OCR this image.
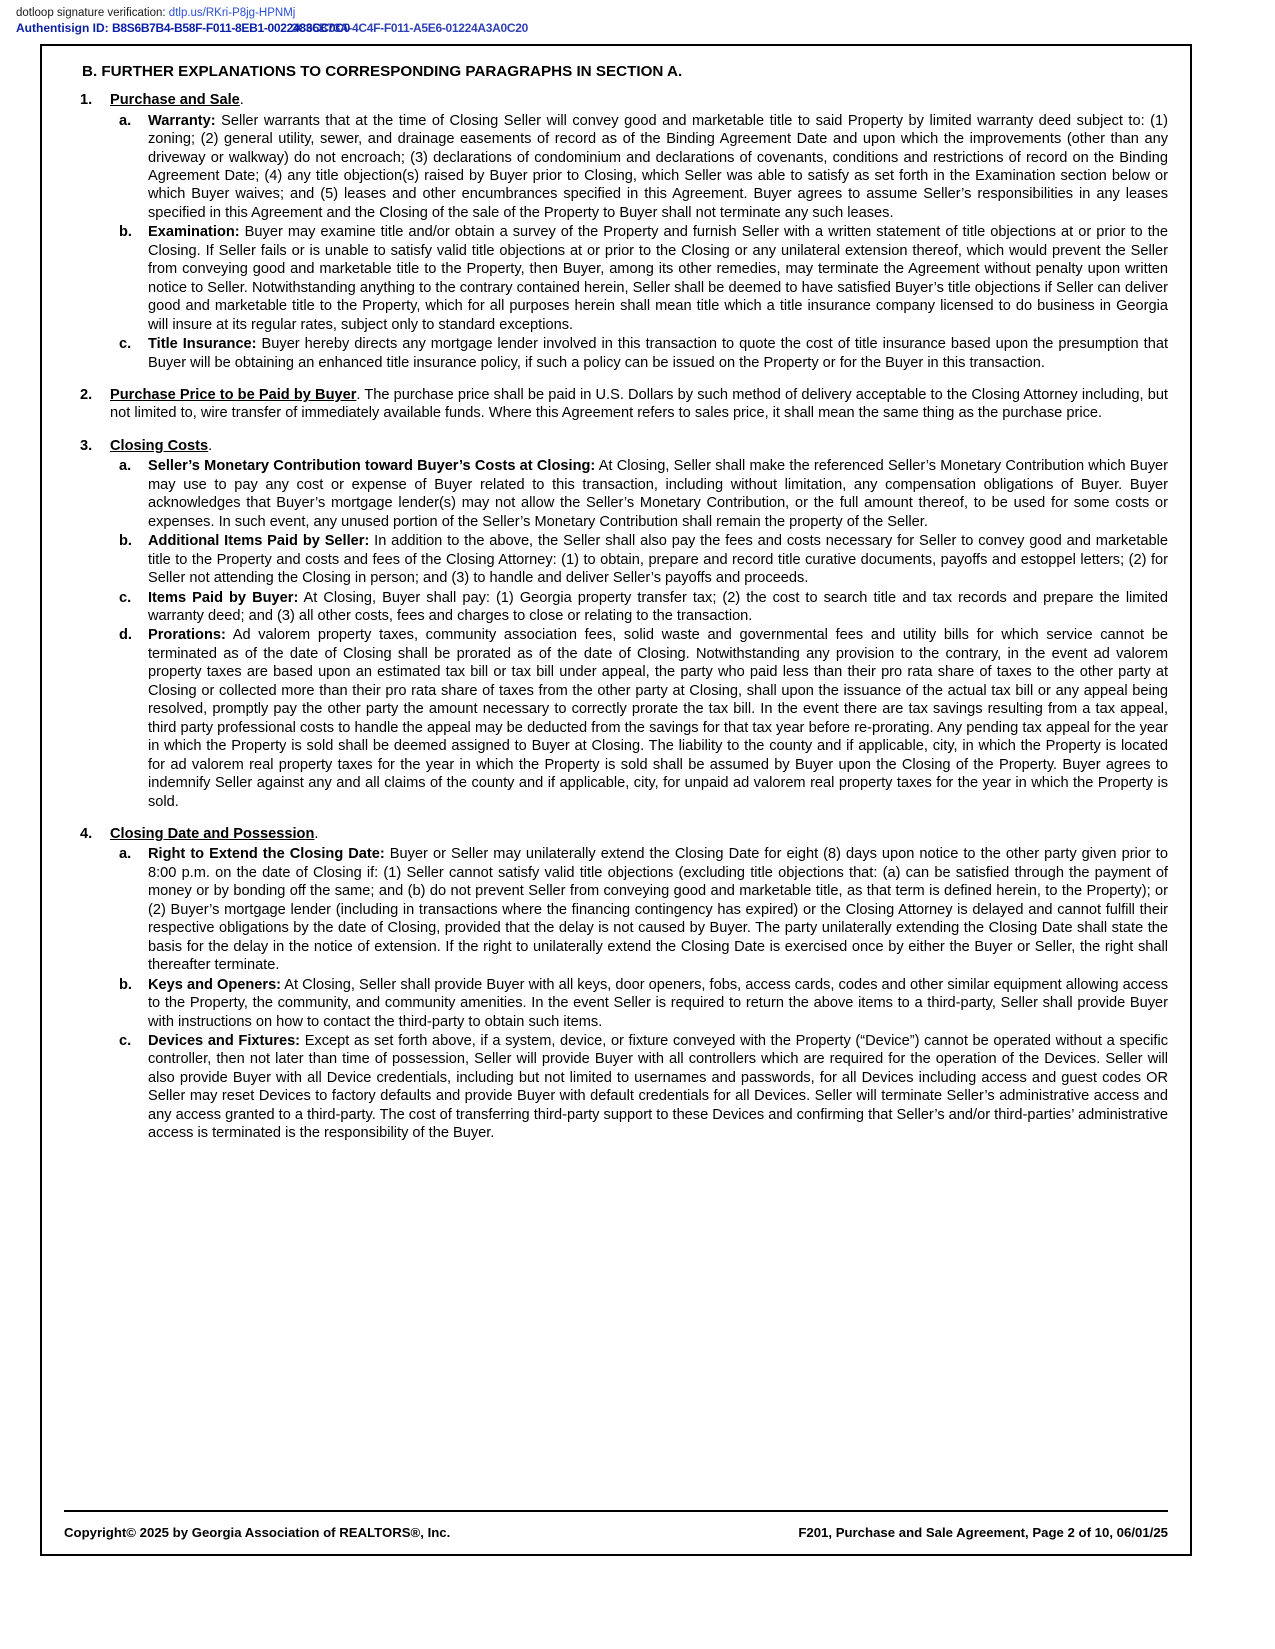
dotloop signature verification: dtlp.us/RKri-P8jg-HPNMj
Authentisign ID: B8S6B7B4-B58F-F011-8EB1-0022483CC0C0 3C65B73A-4C4F-F011-A5E6-01224A3A0C20
B. FURTHER EXPLANATIONS TO CORRESPONDING PARAGRAPHS IN SECTION A.
1. Purchase and Sale.
a. Warranty: Seller warrants that at the time of Closing Seller will convey good and marketable title to said Property by limited warranty deed subject to: (1) zoning; (2) general utility, sewer, and drainage easements of record as of the Binding Agreement Date and upon which the improvements (other than any driveway or walkway) do not encroach; (3) declarations of condominium and declarations of covenants, conditions and restrictions of record on the Binding Agreement Date; (4) any title objection(s) raised by Buyer prior to Closing, which Seller was able to satisfy as set forth in the Examination section below or which Buyer waives; and (5) leases and other encumbrances specified in this Agreement. Buyer agrees to assume Seller’s responsibilities in any leases specified in this Agreement and the Closing of the sale of the Property to Buyer shall not terminate any such leases.
b. Examination: Buyer may examine title and/or obtain a survey of the Property and furnish Seller with a written statement of title objections at or prior to the Closing. If Seller fails or is unable to satisfy valid title objections at or prior to the Closing or any unilateral extension thereof, which would prevent the Seller from conveying good and marketable title to the Property, then Buyer, among its other remedies, may terminate the Agreement without penalty upon written notice to Seller. Notwithstanding anything to the contrary contained herein, Seller shall be deemed to have satisfied Buyer’s title objections if Seller can deliver good and marketable title to the Property, which for all purposes herein shall mean title which a title insurance company licensed to do business in Georgia will insure at its regular rates, subject only to standard exceptions.
c. Title Insurance: Buyer hereby directs any mortgage lender involved in this transaction to quote the cost of title insurance based upon the presumption that Buyer will be obtaining an enhanced title insurance policy, if such a policy can be issued on the Property or for the Buyer in this transaction.
2. Purchase Price to be Paid by Buyer. The purchase price shall be paid in U.S. Dollars by such method of delivery acceptable to the Closing Attorney including, but not limited to, wire transfer of immediately available funds. Where this Agreement refers to sales price, it shall mean the same thing as the purchase price.
3. Closing Costs.
a. Seller’s Monetary Contribution toward Buyer’s Costs at Closing: At Closing, Seller shall make the referenced Seller’s Monetary Contribution which Buyer may use to pay any cost or expense of Buyer related to this transaction, including without limitation, any compensation obligations of Buyer. Buyer acknowledges that Buyer’s mortgage lender(s) may not allow the Seller’s Monetary Contribution, or the full amount thereof, to be used for some costs or expenses. In such event, any unused portion of the Seller’s Monetary Contribution shall remain the property of the Seller.
b. Additional Items Paid by Seller: In addition to the above, the Seller shall also pay the fees and costs necessary for Seller to convey good and marketable title to the Property and costs and fees of the Closing Attorney: (1) to obtain, prepare and record title curative documents, payoffs and estoppel letters; (2) for Seller not attending the Closing in person; and (3) to handle and deliver Seller’s payoffs and proceeds.
c. Items Paid by Buyer: At Closing, Buyer shall pay: (1) Georgia property transfer tax; (2) the cost to search title and tax records and prepare the limited warranty deed; and (3) all other costs, fees and charges to close or relating to the transaction.
d. Prorations: Ad valorem property taxes, community association fees, solid waste and governmental fees and utility bills for which service cannot be terminated as of the date of Closing shall be prorated as of the date of Closing. Notwithstanding any provision to the contrary, in the event ad valorem property taxes are based upon an estimated tax bill or tax bill under appeal, the party who paid less than their pro rata share of taxes to the other party at Closing or collected more than their pro rata share of taxes from the other party at Closing, shall upon the issuance of the actual tax bill or any appeal being resolved, promptly pay the other party the amount necessary to correctly prorate the tax bill. In the event there are tax savings resulting from a tax appeal, third party professional costs to handle the appeal may be deducted from the savings for that tax year before re-prorating. Any pending tax appeal for the year in which the Property is sold shall be deemed assigned to Buyer at Closing. The liability to the county and if applicable, city, in which the Property is located for ad valorem real property taxes for the year in which the Property is sold shall be assumed by Buyer upon the Closing of the Property. Buyer agrees to indemnify Seller against any and all claims of the county and if applicable, city, for unpaid ad valorem real property taxes for the year in which the Property is sold.
4. Closing Date and Possession.
a. Right to Extend the Closing Date: Buyer or Seller may unilaterally extend the Closing Date for eight (8) days upon notice to the other party given prior to 8:00 p.m. on the date of Closing if: (1) Seller cannot satisfy valid title objections (excluding title objections that: (a) can be satisfied through the payment of money or by bonding off the same; and (b) do not prevent Seller from conveying good and marketable title, as that term is defined herein, to the Property); or (2) Buyer’s mortgage lender (including in transactions where the financing contingency has expired) or the Closing Attorney is delayed and cannot fulfill their respective obligations by the date of Closing, provided that the delay is not caused by Buyer. The party unilaterally extending the Closing Date shall state the basis for the delay in the notice of extension. If the right to unilaterally extend the Closing Date is exercised once by either the Buyer or Seller, the right shall thereafter terminate.
b. Keys and Openers: At Closing, Seller shall provide Buyer with all keys, door openers, fobs, access cards, codes and other similar equipment allowing access to the Property, the community, and community amenities. In the event Seller is required to return the above items to a third-party, Seller shall provide Buyer with instructions on how to contact the third-party to obtain such items.
c. Devices and Fixtures: Except as set forth above, if a system, device, or fixture conveyed with the Property (“Device”) cannot be operated without a specific controller, then not later than time of possession, Seller will provide Buyer with all controllers which are required for the operation of the Devices. Seller will also provide Buyer with all Device credentials, including but not limited to usernames and passwords, for all Devices including access and guest codes OR Seller may reset Devices to factory defaults and provide Buyer with default credentials for all Devices. Seller will terminate Seller’s administrative access and any access granted to a third-party. The cost of transferring third-party support to these Devices and confirming that Seller’s and/or third-parties’ administrative access is terminated is the responsibility of the Buyer.
Copyright© 2025 by Georgia Association of REALTORS®, Inc.	F201, Purchase and Sale Agreement, Page 2 of 10, 06/01/25
